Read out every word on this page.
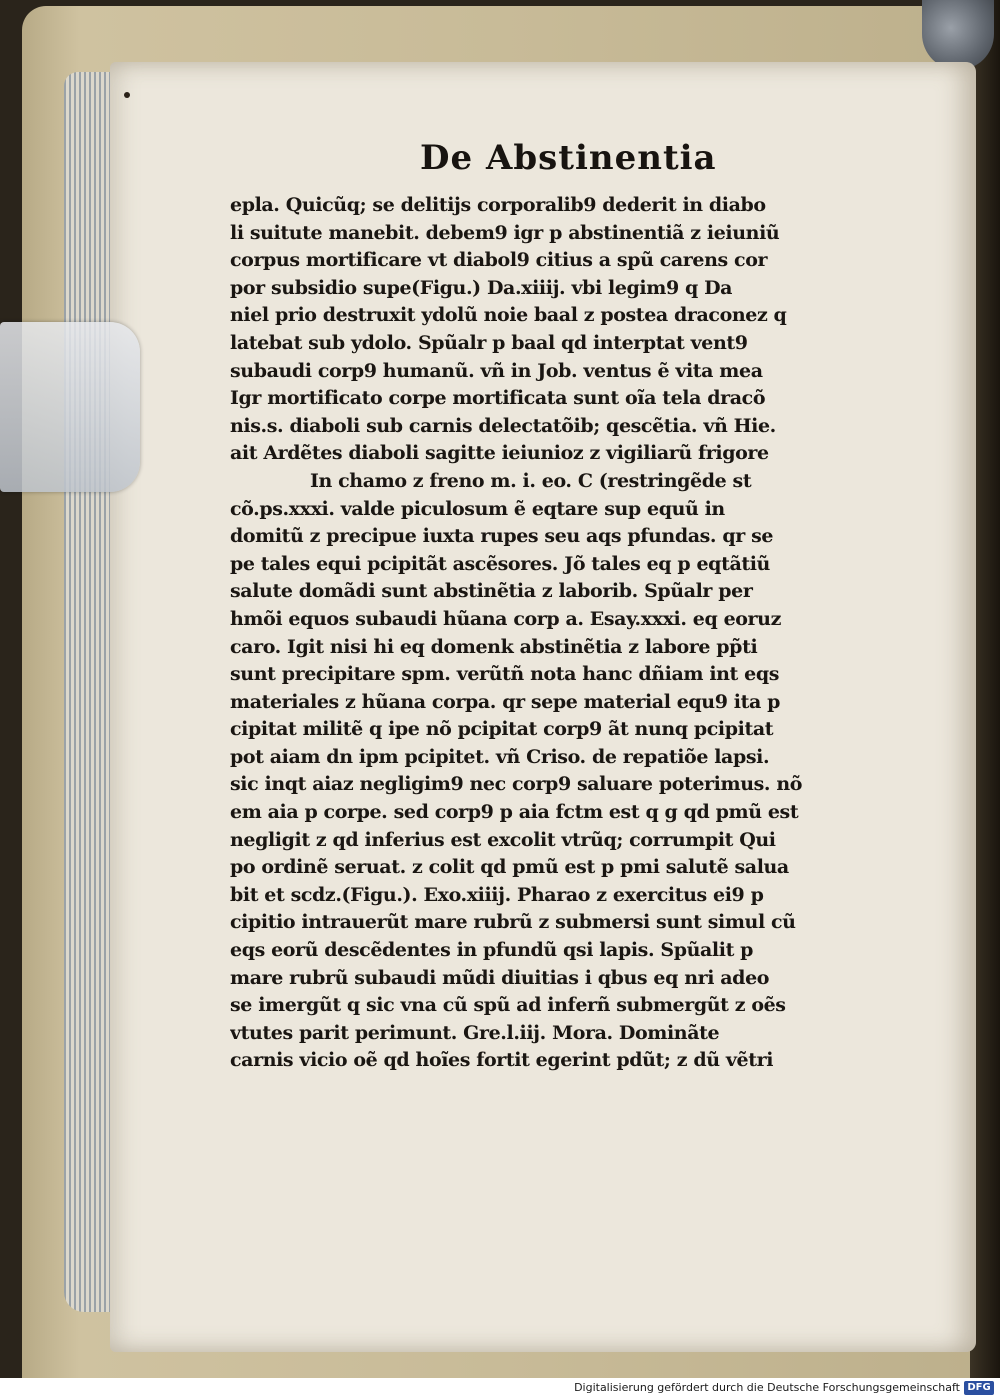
De Abstinentia
epla. Quicũq; se delitijs corporalib9 dederit in diabo
li suitute manebit. debem9 igr p abstinentiã z ieiuniũ
corpus mortificare vt diabol9 citius a spũ carens cor
por subsidio supe(Figu.) Da.xiiij. vbi legim9 q Da
niel prio destruxit ydolũ noie baal z postea draconez q
latebat sub ydolo. Spũalr p baal qd interptat vent9
subaudi corp9 humanũ. vñ in Job. ventus ẽ vita mea
Igr mortificato corpe mortificata sunt oĩa tela dracõ
nis.s. diaboli sub carnis delectatõib; qescẽtia. vñ Hie.
ait Ardẽtes diaboli sagitte ieiunioz z vigiliarũ frigore
In chamo z freno m. i. eo. C (restringẽde st
cõ.ps.xxxi. valde piculosum ẽ eqtare sup equũ in
domitũ z precipue iuxta rupes seu aqs pfundas. qr se
pe tales equi pcipitãt ascẽsores. Jõ tales eq p eqtãtiũ
salute domãdi sunt abstinẽtia z laborib. Spũalr per
hmõi equos subaudi hũana corp a. Esay.xxxi. eq eoruz
caro. Igit nisi hi eq domenk abstinẽtia z labore pp̃ti
sunt precipitare spm. verũtñ nota hanc dñiam int eqs
materiales z hũana corpa. qr sepe material equ9 ita p
cipitat militẽ q ipe nõ pcipitat corp9 ãt nunq pcipitat
pot aiam dn ipm pcipitet. vñ Criso. de repatiõe lapsi.
sic inqt aiaz negligim9 nec corp9 saluare poterimus. nõ
em aia p corpe. sed corp9 p aia fctm est q g qd pmũ est
negligit z qd inferius est excolit vtrũq; corrumpit Qui
po ordinẽ seruat. z colit qd pmũ est p pmi salutẽ salua
bit et scdz.(Figu.). Exo.xiiij. Pharao z exercitus ei9 p
cipitio intrauerũt mare rubrũ z submersi sunt simul cũ
eqs eorũ descẽdentes in pfundũ qsi lapis. Spũalit p
mare rubrũ subaudi mũdi diuitias i qbus eq nri adeo
se imergũt q sic vna cũ spũ ad inferñ submergũt z oẽs
vtutes parit perimunt. Gre.l.iij. Mora. Dominãte
carnis vicio oẽ qd hoĩes fortit egerint pdũt; z dũ vẽtri
Digitalisierung gefördert durch die Deutsche Forschungsgemeinschaft DFG
